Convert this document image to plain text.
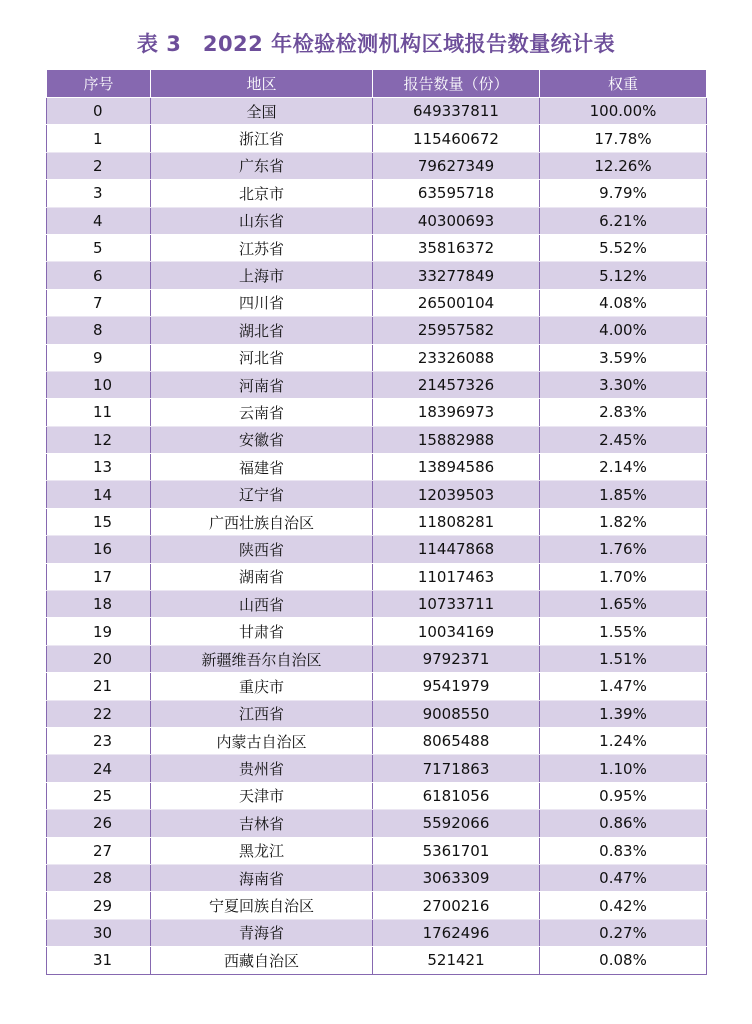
表 3　2022 年检验检测机构区域报告数量统计表
序号	地区	报告数量（份）	权重
0	全国	649337811	100.00%
1	浙江省	115460672	17.78%
2	广东省	79627349	12.26%
3	北京市	63595718	9.79%
4	山东省	40300693	6.21%
5	江苏省	35816372	5.52%
6	上海市	33277849	5.12%
7	四川省	26500104	4.08%
8	湖北省	25957582	4.00%
9	河北省	23326088	3.59%
10	河南省	21457326	3.30%
11	云南省	18396973	2.83%
12	安徽省	15882988	2.45%
13	福建省	13894586	2.14%
14	辽宁省	12039503	1.85%
15	广西壮族自治区	11808281	1.82%
16	陕西省	11447868	1.76%
17	湖南省	11017463	1.70%
18	山西省	10733711	1.65%
19	甘肃省	10034169	1.55%
20	新疆维吾尔自治区	9792371	1.51%
21	重庆市	9541979	1.47%
22	江西省	9008550	1.39%
23	内蒙古自治区	8065488	1.24%
24	贵州省	7171863	1.10%
25	天津市	6181056	0.95%
26	吉林省	5592066	0.86%
27	黑龙江	5361701	0.83%
28	海南省	3063309	0.47%
29	宁夏回族自治区	2700216	0.42%
30	青海省	1762496	0.27%
31	西藏自治区	521421	0.08%
